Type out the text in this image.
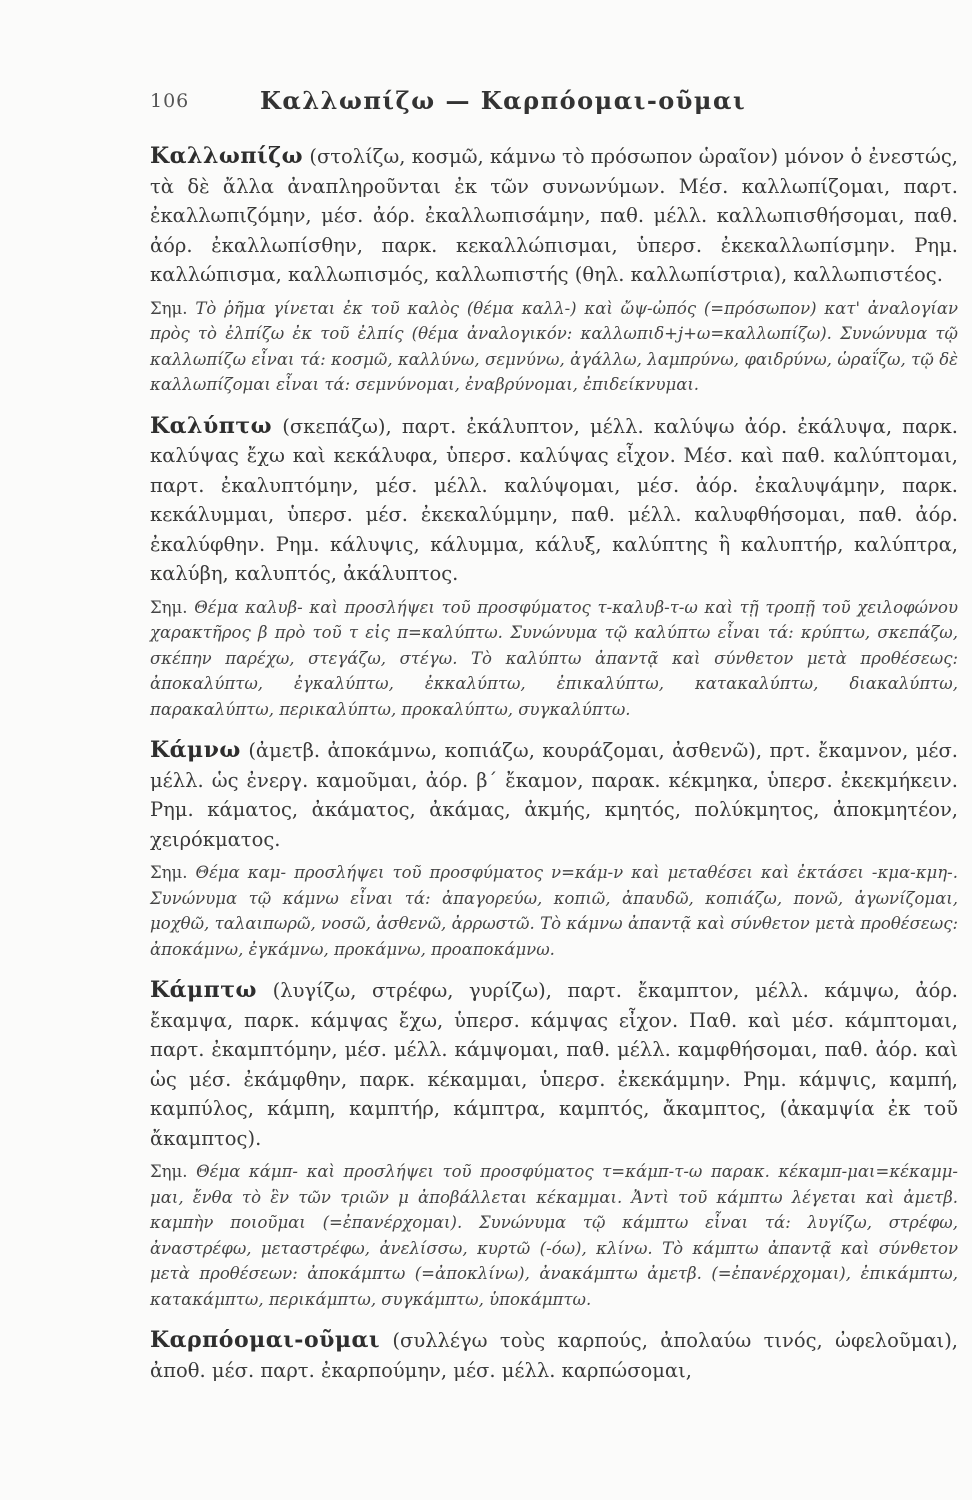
106	Καλλωπίζω — Καρπόομαι-οῦμαι

Καλλωπίζω (στολίζω, κοσμῶ, κάμνω τὸ πρόσωπον ὡραῖον) μόνον ὁ ἐνεστώς, τὰ δὲ ἄλλα ἀναπληροῦνται ἐκ τῶν συνωνύμων. Μέσ. καλλωπίζομαι, παρτ. ἐκαλλωπιζόμην, μέσ. ἀόρ. ἐκαλλωπισάμην, παθ. μέλλ. καλλωπισθήσομαι, παθ. ἀόρ. ἐκαλλωπίσθην, παρκ. κεκαλλώπισμαι, ὑπερσ. ἐκεκαλλωπίσμην. Ρημ. καλλώπισμα, καλλωπισμός, καλλωπιστής (θηλ. καλλωπίστρια), καλλωπιστέος.

Σημ. Τὸ ῥῆμα γίνεται ἐκ τοῦ καλὸς (θέμα καλλ-) καὶ ὤψ-ὠπός (=πρόσωπον) κατ' ἀναλογίαν πρὸς τὸ ἐλπίζω ἐκ τοῦ ἐλπίς (θέμα ἀναλογικόν: καλλωπιδ+j+ω=καλλωπίζω). Συνώνυμα τῷ καλλωπίζω εἶναι τά: κοσμῶ, καλλύνω, σεμνύνω, ἀγάλλω, λαμπρύνω, φαιδρύνω, ὡραΐζω, τῷ δὲ καλλωπίζομαι εἶναι τά: σεμνύνομαι, ἐναβρύνομαι, ἐπιδείκνυμαι.

Καλύπτω (σκεπάζω), παρτ. ἐκάλυπτον, μέλλ. καλύψω ἀόρ. ἐκάλυψα, παρκ. καλύψας ἔχω καὶ κεκάλυφα, ὑπερσ. καλύψας εἶχον. Μέσ. καὶ παθ. καλύπτομαι, παρτ. ἐκαλυπτόμην, μέσ. μέλλ. καλύψομαι, μέσ. ἀόρ. ἐκαλυψάμην, παρκ. κεκάλυμμαι, ὑπερσ. μέσ. ἐκεκαλύμμην, παθ. μέλλ. καλυφθήσομαι, παθ. ἀόρ. ἐκαλύφθην. Ρημ. κάλυψις, κάλυμμα, κάλυξ, καλύπτης ἢ καλυπτήρ, καλύπτρα, καλύβη, καλυπτός, ἀκάλυπτος.

Σημ. Θέμα καλυβ- καὶ προσλήψει τοῦ προσφύματος τ-καλυβ-τ-ω καὶ τῇ τροπῇ τοῦ χειλοφώνου χαρακτῆρος β πρὸ τοῦ τ εἰς π=καλύπτω. Συνώνυμα τῷ καλύπτω εἶναι τά: κρύπτω, σκεπάζω, σκέπην παρέχω, στεγάζω, στέγω. Τὸ καλύπτω ἀπαντᾷ καὶ σύνθετον μετὰ προθέσεως: ἀποκαλύπτω, ἐγκαλύπτω, ἐκκαλύπτω, ἐπικαλύπτω, κατακαλύπτω, διακαλύπτω, παρακαλύπτω, περικαλύπτω, προκαλύπτω, συγκαλύπτω.

Κάμνω (ἀμετβ. ἀποκάμνω, κοπιάζω, κουράζομαι, ἀσθενῶ), πρτ. ἔκαμνον, μέσ. μέλλ. ὡς ἐνεργ. καμοῦμαι, ἀόρ. β΄ ἔκαμον, παρακ. κέκμηκα, ὑπερσ. ἐκεκμήκειν. Ρημ. κάματος, ἀκάματος, ἀκάμας, ἀκμής, κμητός, πολύκμητος, ἀποκμητέον, χειρόκματος.

Σημ. Θέμα καμ- προσλήψει τοῦ προσφύματος ν=κάμ-ν καὶ μεταθέσει καὶ ἐκτάσει -κμα-κμη-. Συνώνυμα τῷ κάμνω εἶναι τά: ἀπαγορεύω, κοπιῶ, ἀπαυδῶ, κοπιάζω, πονῶ, ἀγωνίζομαι, μοχθῶ, ταλαιπωρῶ, νοσῶ, ἀσθενῶ, ἀρρωστῶ. Τὸ κάμνω ἀπαντᾷ καὶ σύνθετον μετὰ προθέσεως: ἀποκάμνω, ἐγκάμνω, προκάμνω, προαποκάμνω.

Κάμπτω (λυγίζω, στρέφω, γυρίζω), παρτ. ἔκαμπτον, μέλλ. κάμψω, ἀόρ. ἔκαμψα, παρκ. κάμψας ἔχω, ὑπερσ. κάμψας εἶχον. Παθ. καὶ μέσ. κάμπτομαι, παρτ. ἐκαμπτόμην, μέσ. μέλλ. κάμψομαι, παθ. μέλλ. καμφθήσομαι, παθ. ἀόρ. καὶ ὡς μέσ. ἐκάμφθην, παρκ. κέκαμμαι, ὑπερσ. ἐκεκάμμην. Ρημ. κάμψις, καμπή, καμπύλος, κάμπη, καμπτήρ, κάμπτρα, καμπτός, ἄκαμπτος, (ἀκαμψία ἐκ τοῦ ἄκαμπτος).

Σημ. Θέμα κάμπ- καὶ προσλήψει τοῦ προσφύματος τ=κάμπ-τ-ω παρακ. κέκαμπ-μαι=κέκαμμ-μαι, ἔνθα τὸ ἓν τῶν τριῶν μ ἀποβάλλεται κέκαμμαι. Ἀντὶ τοῦ κάμπτω λέγεται καὶ ἀμετβ. καμπὴν ποιοῦμαι (=ἐπανέρχομαι). Συνώνυμα τῷ κάμπτω εἶναι τά: λυγίζω, στρέφω, ἀναστρέφω, μεταστρέφω, ἀνελίσσω, κυρτῶ (-όω), κλίνω. Τὸ κάμπτω ἀπαντᾷ καὶ σύνθετον μετὰ προθέσεων: ἀποκάμπτω (=ἀποκλίνω), ἀνακάμπτω ἀμετβ. (=ἐπανέρχομαι), ἐπικάμπτω, κατακάμπτω, περικάμπτω, συγκάμπτω, ὑποκάμπτω.

Καρπόομαι-οῦμαι (συλλέγω τοὺς καρπούς, ἀπολαύω τινός, ὠφελοῦμαι), ἀποθ. μέσ. παρτ. ἐκαρπούμην, μέσ. μέλλ. καρπώσομαι,
